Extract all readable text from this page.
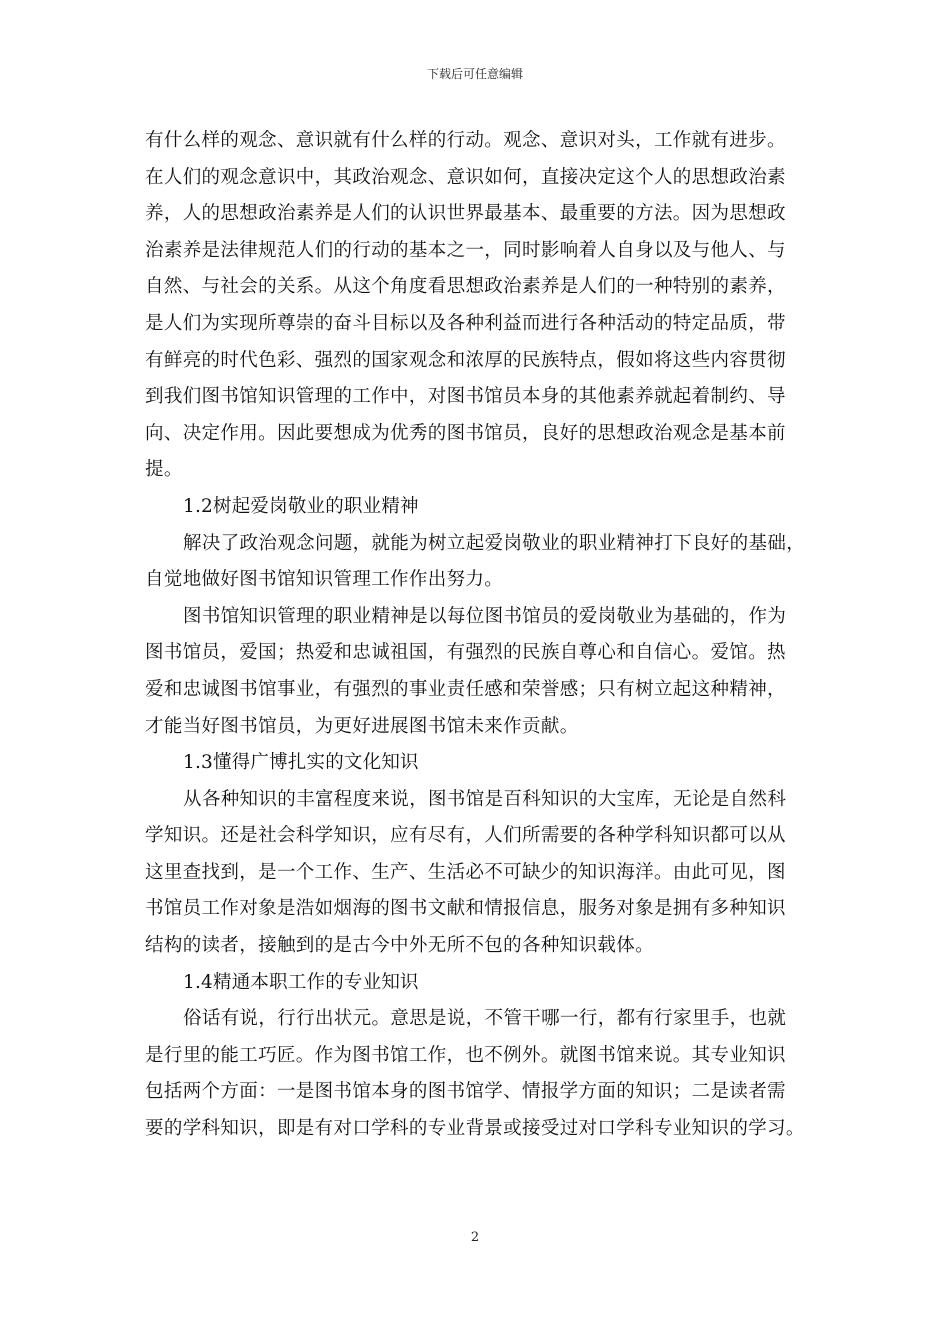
下载后可任意编辑
有什么样的观念、意识就有什么样的行动。观念、意识对头，工作就有进步。
在人们的观念意识中，其政治观念、意识如何，直接决定这个人的思想政治素
养，人的思想政治素养是人们的认识世界最基本、最重要的方法。因为思想政
治素养是法律规范人们的行动的基本之一，同时影响着人自身以及与他人、与
自然、与社会的关系。从这个角度看思想政治素养是人们的一种特别的素养，
是人们为实现所尊崇的奋斗目标以及各种利益而进行各种活动的特定品质，带
有鲜亮的时代色彩、强烈的国家观念和浓厚的民族特点，假如将这些内容贯彻
到我们图书馆知识管理的工作中，对图书馆员本身的其他素养就起着制约、导
向、决定作用。因此要想成为优秀的图书馆员，良好的思想政治观念是基本前
提。
1.2树起爱岗敬业的职业精神
解决了政治观念问题，就能为树立起爱岗敬业的职业精神打下良好的基础，
自觉地做好图书馆知识管理工作作出努力。
图书馆知识管理的职业精神是以每位图书馆员的爱岗敬业为基础的，作为
图书馆员，爱国；热爱和忠诚祖国，有强烈的民族自尊心和自信心。爱馆。热
爱和忠诚图书馆事业，有强烈的事业责任感和荣誉感；只有树立起这种精神，
才能当好图书馆员，为更好进展图书馆未来作贡献。
1.3懂得广博扎实的文化知识
从各种知识的丰富程度来说，图书馆是百科知识的大宝库，无论是自然科
学知识。还是社会科学知识，应有尽有，人们所需要的各种学科知识都可以从
这里查找到，是一个工作、生产、生活必不可缺少的知识海洋。由此可见，图
书馆员工作对象是浩如烟海的图书文献和情报信息，服务对象是拥有多种知识
结构的读者，接触到的是古今中外无所不包的各种知识载体。
1.4精通本职工作的专业知识
俗话有说，行行出状元。意思是说，不管干哪一行，都有行家里手，也就
是行里的能工巧匠。作为图书馆工作，也不例外。就图书馆来说。其专业知识
包括两个方面：一是图书馆本身的图书馆学、情报学方面的知识；二是读者需
要的学科知识，即是有对口学科的专业背景或接受过对口学科专业知识的学习。
2
